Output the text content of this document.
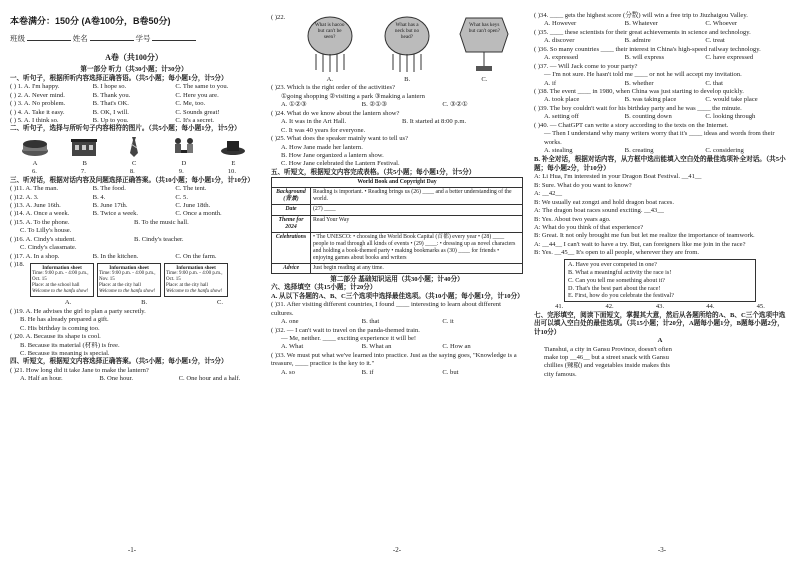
本卷满分：150分 (A卷100分，B卷50分)
班级	姓名	学号
A卷（共100分）
第一部分 听力（共30小题；计30分）
一、听句子，根据所听内容选择正确答语。（共5小题；每小题1分，计5分）
( ) 1. A. I'm happy.	B. I hope so.	C. The same to you.
( ) 2. A. Never mind.	B. Thank you.	C. Here you are.
( ) 3. A. No problem.	B. That's OK.	C. Me, too.
( ) 4. A. Take it easy.	B. OK, I will.	C. Sounds great!
( ) 5. A. I think so.	B. Up to you.	C. It's a secret.
二、听句子，选择与所听句子内容相符的图片。（共5小题；每小题1分，计5分）
A	B	C	D	E
6.	7.	8.	9.	10.
三、听对话，根据对话内容及问题选择正确答案。（共10小题；每小题1分，计10分）
( )11. A. The man.	B. The food.	C. The tent.
( )12. A. 3.	B. 4.	C. 5.
( )13. A. June 16th.	B. June 17th.	C. June 18th.
( )14. A. Once a week.	B. Twice a week.	C. Once a month.
( )15. A. To the phone.	B. To the music hall.
C. To Lilly's house.
( )16. A. Cindy's student.	B. Cindy's teacher.
C. Cindy's classmate.
( )17. A. In a shop.	B. In the kitchen.	C. On the farm.
( )18.	Information sheet
Time: 9:00 p.m. - 4:00 p.m., Oct. 15
Place: at the school hall
Welcome to the hanfu show!
Information sheet
Time: 9:00 p.m. - 4:00 p.m., Nov. 15
Place: at the city hall
Welcome to the hanfu show!
Information sheet
Time: 9:00 p.m. - 4:00 p.m., Oct. 15
Place: at the city hall
Welcome to the hanfu show!
A.	B.	C.
( )19. A. He advises the girl to plan a party secretly.
B. He has already prepared a gift.
C. His birthday is coming too.
( )20. A. Because its shape is cool.
B. Because its material (材料) is free.
C. Because its meaning is special.
四、听短文，根据短文内容选择正确答案。（共5小题；每小题1分，计5分）
( )21. How long did it take Jane to make the lantern?
A. Half an hour.	B. One hour.	C. One hour and a half.
-1-
( )22.
What is hacoo but can't be seen?
What has a neck but no head?
What has keys but can't open?
A.	B.	C.
( )23. Which is the right order of the activities?
①going shopping ②visiting a park ③making a lantern
A. ①②③	B. ②①③	C. ③②①
( )24. What do we know about the lantern show?
A. It was in the Art Hall.	B. It started at 8:00 p.m.
C. It was 40 years for everyone.
( )25. What does the speaker mainly want to tell us?
A. How Jane made her lantern.
B. How Jane organized a lantern show.
C. How Jane celebrated the Lantern Festival.
五、听短文，根据短文内容完成表格。（共5小题；每小题1分，计5分）
World Book and Copyright Day	
Background (背景)	Reading is important. • Reading brings us (26) ____ and a better understanding of the world.
Date	(27) ____
Theme for 2024	Read Your Way
Celebrations	• The UNESCO: • choosing the World Book Capital (首都) every year • (28) ____ people to read through all kinds of events • (29) ____: • dressing up as novel characters and holding a book-themed party • making bookmarks as (30) ____ for friends • enjoying games about books and writers
Advice	Just begin reading at any time.
第二部分 基础知识运用（共30小题；计40分）
六、选择填空（共15小题；计20分）
A. 从以下各题的A、B、C三个选项中选择最佳选项。（共10小题；每小题1分，计10分）
( )31. After visiting different countries, I found ____ interesting to learn about different cultures.
A. one	B. that	C. it
( )32. — I can't wait to travel on the panda-themed train.
— Me, neither. ____ exciting experience it will be!
A. What	B. What an	C. How an
( )33. We must put what we've learned into practice. Just as the saying goes, "Knowledge is a treasure, ____ practice is the key to it."
A. so	B. if	C. but
-2-
( )34. ____ gets the highest score (分数) will win a free trip to Jiuzhaigou Valley.
A. However	B. Whatever	C. Whoever
( )35. ____ these scientists for their great achievements in science and technology.
A. discover	B. admire	C. treat
( )36. So many countries ____ their interest in China's high-speed railway technology.
A. expressed	B. will express	C. have expressed
( )37. — Will Jack come to your party?
— I'm not sure. He hasn't told me ____ or not he will accept my invitation.
A. if	B. whether	C. that
( )38. The event ____ in 1980, when China was just starting to develop quickly.
A. took place	B. was taking place	C. would take place
( )39. The boy couldn't wait for his birthday party and he was ____ the minute.
A. setting off	B. counting down	C. looking through
( )40. — ChatGPT can write a story according to the texts on the Internet.
— Then I understand why many writers worry that it's ____ ideas and words from their works.
A. stealing	B. creating	C. considering
B. 补全对话，根据对话内容，从方框中选出能填入空白处的最佳选项补全对话。（共5小题；每小题2分，计10分）
A: Li Hua, I'm interested in your Dragon Boat Festival. __41__
B: Sure. What do you want to know?
A: __42__
B: We usually eat zongzi and hold dragon boat races.
A: The dragon boat races sound exciting. __43__
B: Yes. About two years ago.
A: What do you think of that experience?
B: Great. It not only brought me fun but let me realize the importance of teamwork.
A: __44__ I can't wait to have a try. But, can foreigners like me join in the race?
B: Yes. __45__ It's open to all people, wherever they are from.
A. Have you ever competed in one?
B. What a meaningful activity the race is!
C. Can you tell me something about it?
D. That's the best part about the race!
E. First, how do you celebrate the festival?
41.	42.	43.	44.	45.
七、完形填空，阅读下面短文，掌握其大意，然后从各题所给的A、B、C三个选项中选出可以填入空白处的最佳选项。（共15小题；计20分，A题每小题1分，B题每小题2分，计10分）
A
Tianshui, a city in Gansu Province, doesn't often
make top __46__ but a street snack with Gansu
chillies (辣椒) and vegetables inside makes this
city famous.
-3-
